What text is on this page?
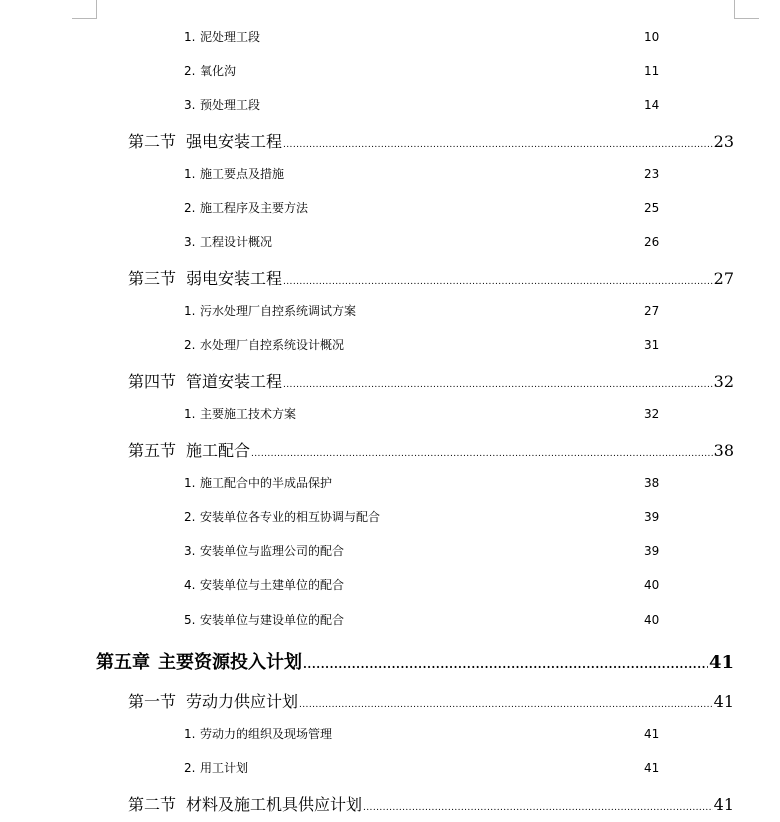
1. 泥处理工段	10
2. 氧化沟	11
3. 预处理工段	14
第二节 强电安装工程 .....	23
1. 施工要点及措施	23
2. 施工程序及主要方法	25
3. 工程设计概况	26
第三节 弱电安装工程 .....	27
1. 污水处理厂自控系统调试方案	27
2. 水处理厂自控系统设计概况	31
第四节 管道安装工程 .....	32
1. 主要施工技术方案	32
第五节 施工配合 .....	38
1. 施工配合中的半成品保护	38
2. 安装单位各专业的相互协调与配合	39
3. 安装单位与监理公司的配合	39
4. 安装单位与土建单位的配合	40
5. 安装单位与建设单位的配合	40
第五章 主要资源投入计划 .....	41
第一节 劳动力供应计划 .....	41
1. 劳动力的组织及现场管理	41
2. 用工计划	41
第二节 材料及施工机具供应计划 .....	41
